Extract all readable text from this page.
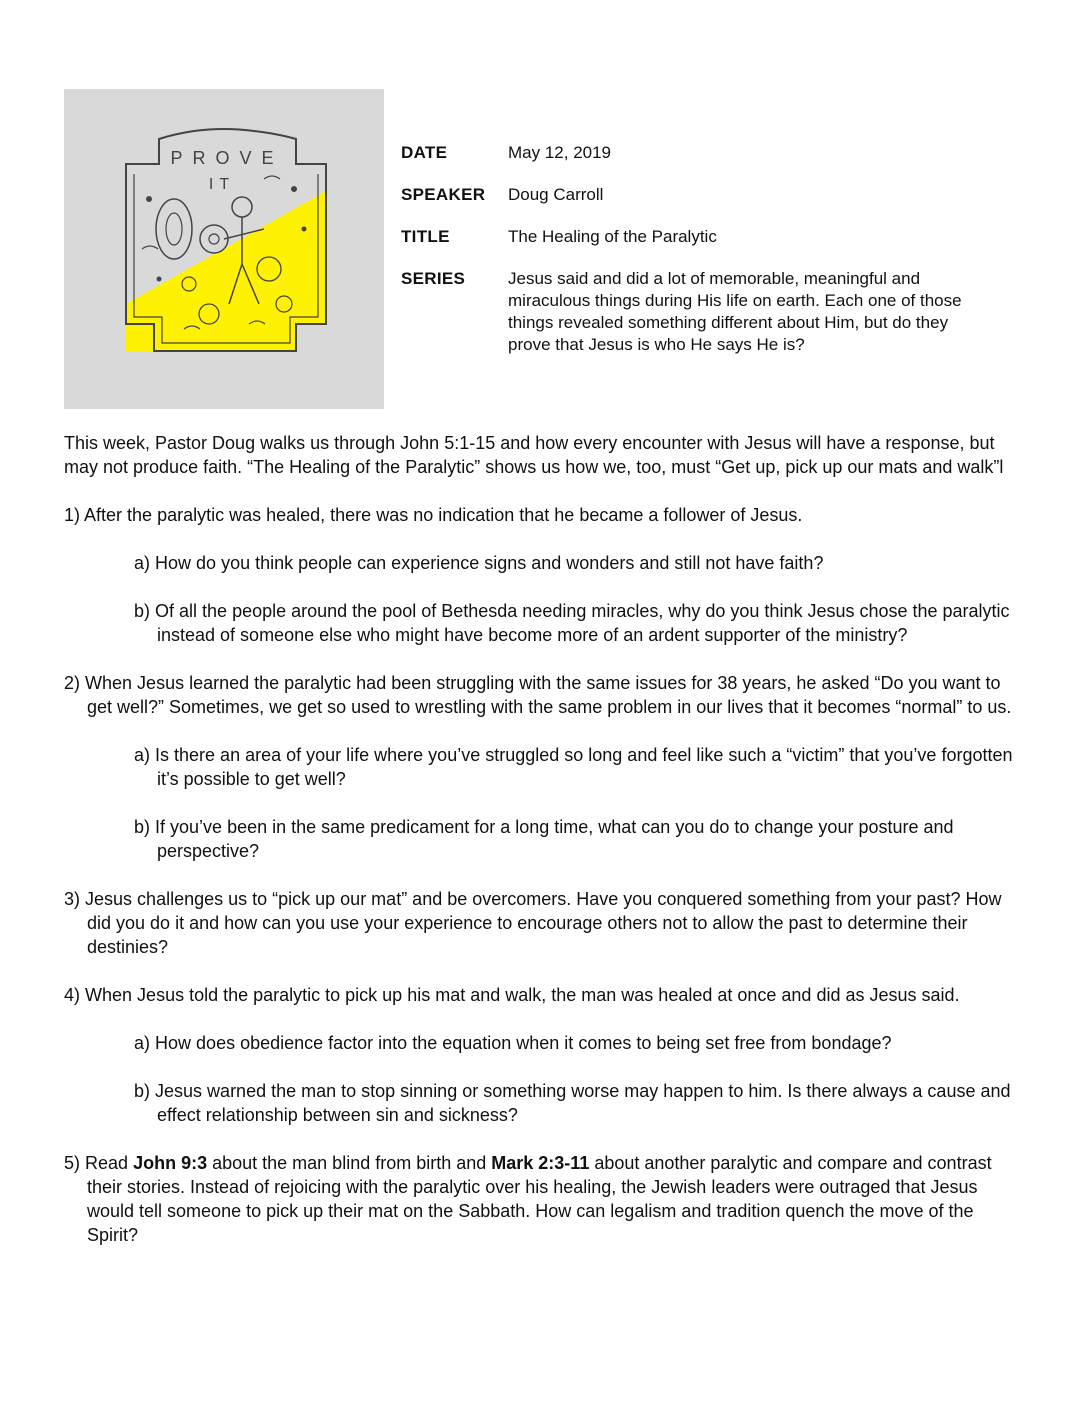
PROVE
IT
DATE	May 12, 2019
SPEAKER	Doug Carroll
TITLE	The Healing of the Paralytic
SERIES	Jesus said and did a lot of memorable, meaningful and miraculous things during His life on earth. Each one of those things revealed something different about Him, but do they prove that Jesus is who He says He is?

This week, Pastor Doug walks us through John 5:1-15 and how every encounter with Jesus will have a response, but may not produce faith. “The Healing of the Paralytic” shows us how we, too, must “Get up, pick up our mats and walk”l

1) After the paralytic was healed, there was no indication that he became a follower of Jesus.

a) How do you think people can experience signs and wonders and still not have faith?

b) Of all the people around the pool of Bethesda needing miracles, why do you think Jesus chose the paralytic instead of someone else who might have become more of an ardent supporter of the ministry?

2) When Jesus learned the paralytic had been struggling with the same issues for 38 years, he asked “Do you want to get well?” Sometimes, we get so used to wrestling with the same problem in our lives that it becomes “normal” to us.

a) Is there an area of your life where you’ve struggled so long and feel like such a “victim” that you’ve forgotten it’s possible to get well?

b) If you’ve been in the same predicament for a long time, what can you do to change your posture and perspective?

3) Jesus challenges us to “pick up our mat” and be overcomers. Have you conquered something from your past? How did you do it and how can you use your experience to encourage others not to allow the past to determine their destinies?

4) When Jesus told the paralytic to pick up his mat and walk, the man was healed at once and did as Jesus said.

a) How does obedience factor into the equation when it comes to being set free from bondage?

b) Jesus warned the man to stop sinning or something worse may happen to him. Is there always a cause and effect relationship between sin and sickness?

5) Read John 9:3 about the man blind from birth and Mark 2:3-11 about another paralytic and compare and contrast their stories. Instead of rejoicing with the paralytic over his healing, the Jewish leaders were outraged that Jesus would tell someone to pick up their mat on the Sabbath. How can legalism and tradition quench the move of the Spirit?
